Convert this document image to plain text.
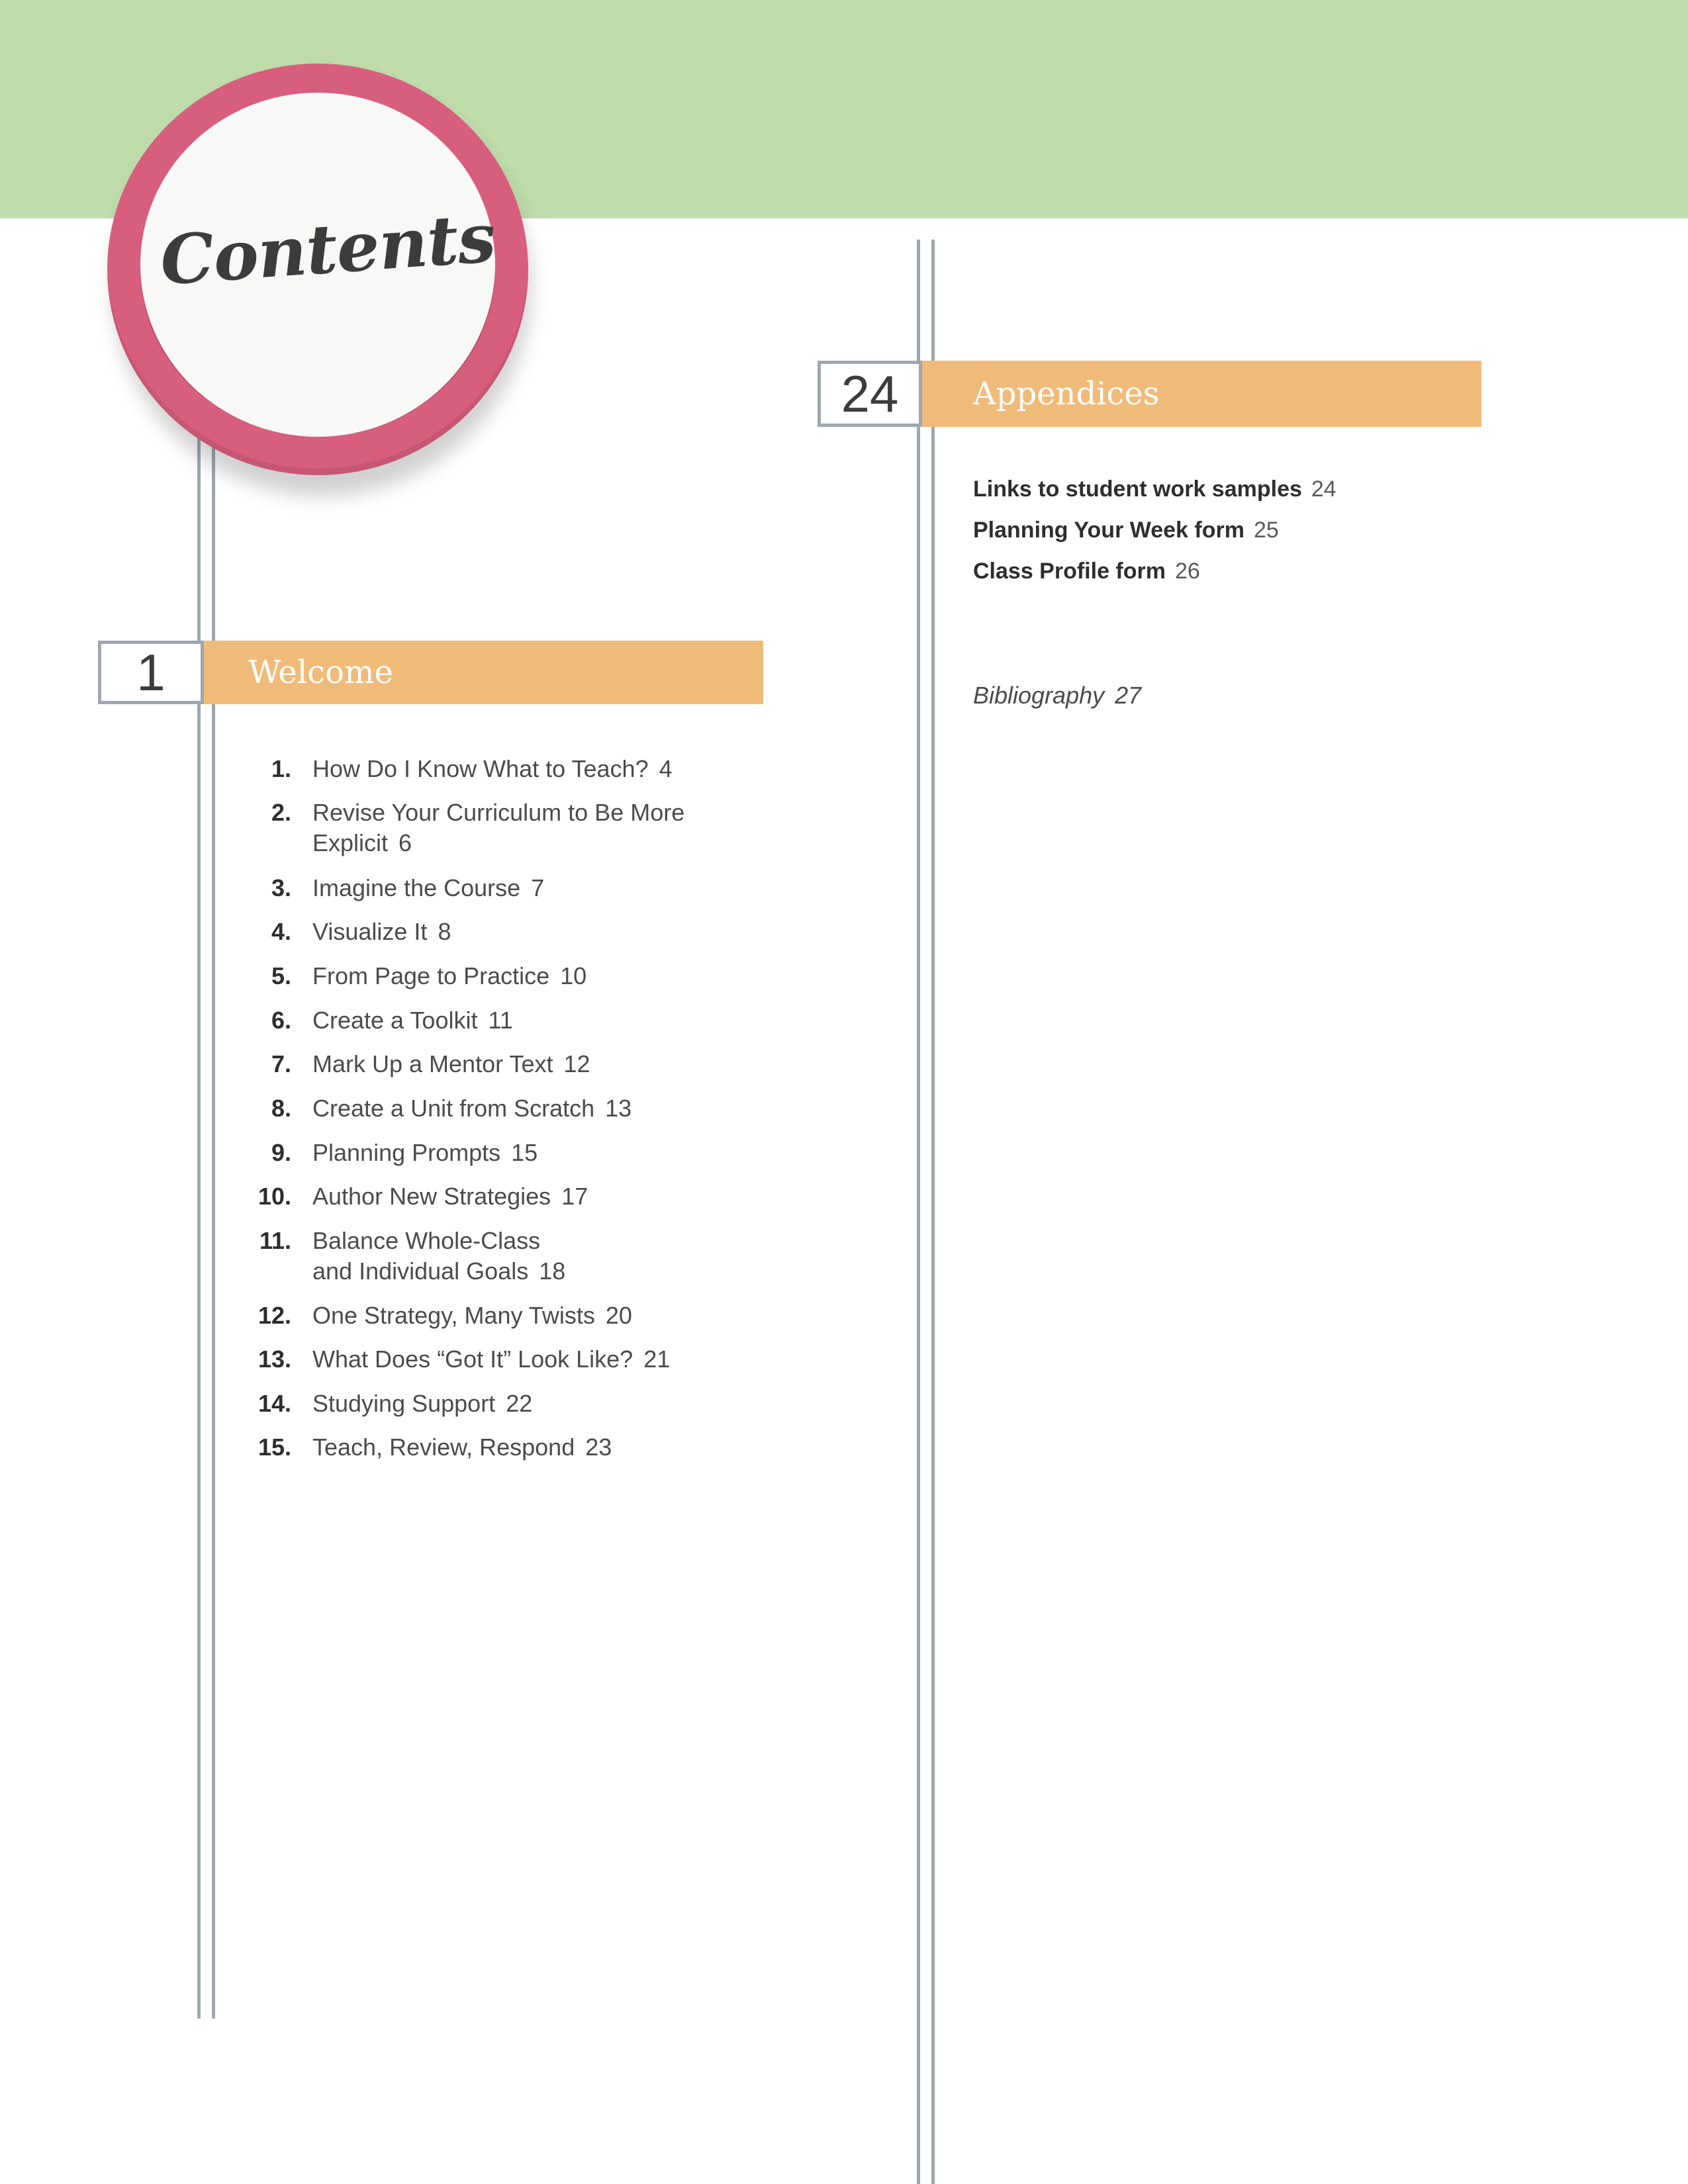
Contents
Welcome
1
Appendices
24
1. How Do I Know What to Teach? 4
2. Revise Your Curriculum to Be More
Explicit 6
3. Imagine the Course 7
4. Visualize It 8
5. From Page to Practice 10
6. Create a Toolkit 11
7. Mark Up a Mentor Text 12
8. Create a Unit from Scratch 13
9. Planning Prompts 15
10. Author New Strategies 17
11. Balance Whole-Class
and Individual Goals 18
12. One Strategy, Many Twists 20
13. What Does “Got It” Look Like? 21
14. Studying Support 22
15. Teach, Review, Respond 23
Links to student work samples 24
Planning Your Week form 25
Class Profile form 26
Bibliography 27
